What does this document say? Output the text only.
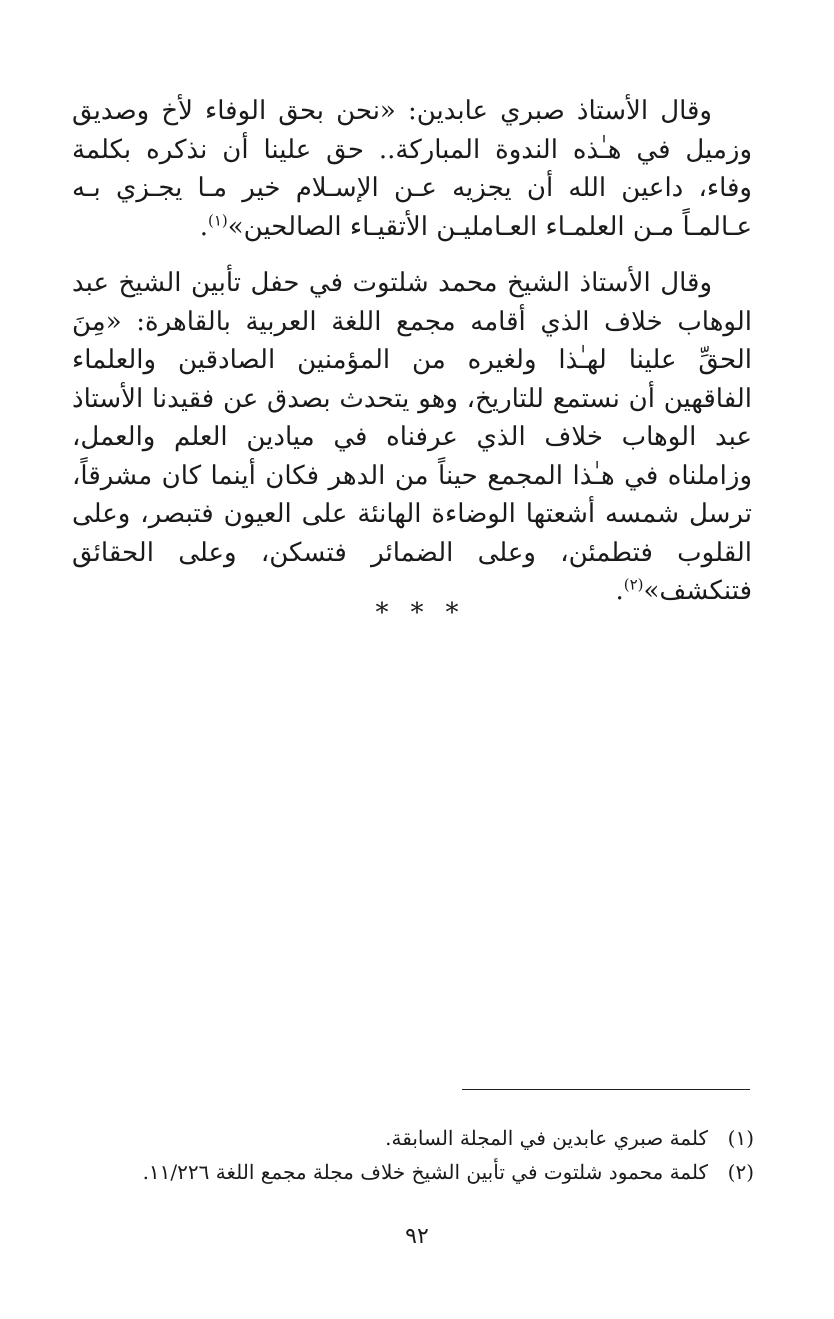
وقال الأستاذ صبري عابدين: «نحن بحق الوفاء لأخ وصديق وزميل في هـٰذه الندوة المباركة.. حق علينا أن نذكره بكلمة وفاء، داعين الله أن يجزيه عـن الإسـلام خير مـا يجـزي بـه عـالمـاً مـن العلمـاء العـامليـن الأتقيـاء الصالحين»$^{(١)}$.

وقال الأستاذ الشيخ محمد شلتوت في حفل تأبين الشيخ عبد الوهاب خلاف الذي أقامه مجمع اللغة العربية بالقاهرة: «مِنَ الحقِّ علينا لهـٰذا ولغيره من المؤمنين الصادقين والعلماء الفاقهين أن نستمع للتاريخ، وهو يتحدث بصدق عن فقيدنا الأستاذ عبد الوهاب خلاف الذي عرفناه في ميادين العلم والعمل، وزاملناه في هـٰذا المجمع حيناً من الدهر فكان أينما كان مشرقاً، ترسل شمسه أشعتها الوضاءة الهانئة على العيون فتبصر، وعلى القلوب فتطمئن، وعلى الضمائر فتسكن، وعلى الحقائق فتنكشف»$^{(٢)}$.

***
(١)
كلمة صبري عابدين في المجلة السابقة.
(٢)
كلمة محمود شلتوت في تأبين الشيخ خلاف مجلة مجمع اللغة ١١/٢٢٦.
٩٢
